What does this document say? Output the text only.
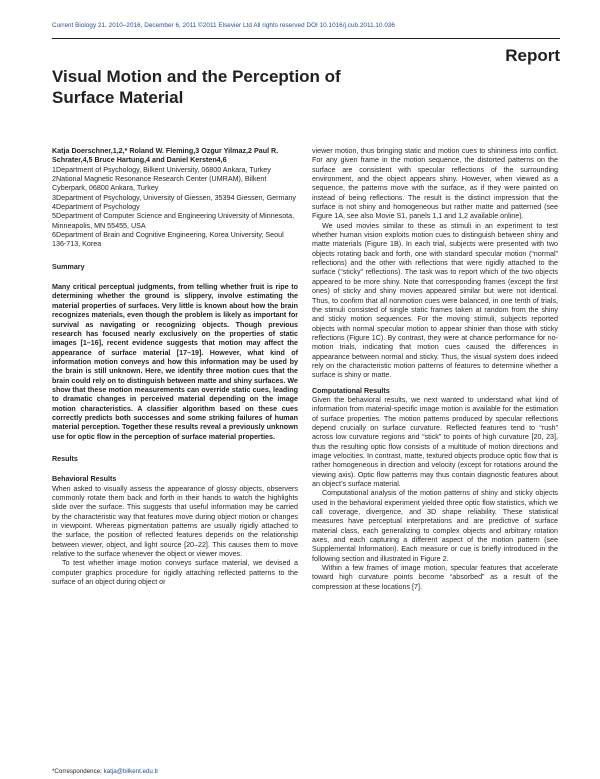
Current Biology 21, 2010–2016, December 6, 2011 ©2011 Elsevier Ltd All rights reserved DOI 10.1016/j.cub.2011.10.036
Report
Visual Motion and the Perception of Surface Material

Katja Doerschner,1,2,* Roland W. Fleming,3 Ozgur Yilmaz,2 Paul R. Schrater,4,5 Bruce Hartung,4 and Daniel Kersten4,6

1Department of Psychology, Bilkent University, 06800 Ankara, Turkey
2National Magnetic Resonance Research Center (UMRAM), Bilkent Cyberpark, 06800 Ankara, Turkey
3Department of Psychology, University of Giessen, 35394 Giessen, Germany
4Department of Psychology
5Department of Computer Science and Engineering University of Minnesota, Minneapolis, MN 55455, USA
6Department of Brain and Cognitive Engineering, Korea University, Seoul 136-713, Korea
Summary

Many critical perceptual judgments, from telling whether fruit is ripe to determining whether the ground is slippery, involve estimating the material properties of surfaces. Very little is known about how the brain recognizes materials, even though the problem is likely as important for survival as navigating or recognizing objects. Though previous research has focused nearly exclusively on the properties of static images [1–16], recent evidence suggests that motion may affect the appearance of surface material [17–19]. However, what kind of information motion conveys and how this information may be used by the brain is still unknown. Here, we identify three motion cues that the brain could rely on to distinguish between matte and shiny surfaces. We show that these motion measurements can override static cues, leading to dramatic changes in perceived material depending on the image motion characteristics. A classifier algorithm based on these cues correctly predicts both successes and some striking failures of human material perception. Together these results reveal a previously unknown use for optic flow in the perception of surface material properties.

Results
Behavioral Results

When asked to visually assess the appearance of glossy objects, observers commonly rotate them back and forth in their hands to watch the highlights slide over the surface. This suggests that useful information may be carried by the characteristic way that features move during object motion or changes in viewpoint. Whereas pigmentation patterns are usually rigidly attached to the surface, the position of reflected features depends on the relationship between viewer, object, and light source [20–22]. This causes them to move relative to the surface whenever the object or viewer moves.

To test whether image motion conveys surface material, we devised a computer graphics procedure for rigidly attaching reflected patterns to the surface of an object during object or

viewer motion, thus bringing static and motion cues to shininess into conflict. For any given frame in the motion sequence, the distorted patterns on the surface are consistent with specular reflections of the surrounding environment, and the object appears shiny. However, when viewed as a sequence, the patterns move with the surface, as if they were painted on instead of being reflections. The result is the distinct impression that the surface is not shiny and homogeneous but rather matte and patterned (see Figure 1A, see also Movie S1, panels 1,1 and 1,2 available online).

We used movies similar to these as stimuli in an experiment to test whether human vision exploits motion cues to distinguish between shiny and matte materials (Figure 1B). In each trial, subjects were presented with two objects rotating back and forth, one with standard specular motion (“normal” reflections) and the other with reflections that were rigidly attached to the surface (“sticky” reflections). The task was to report which of the two objects appeared to be more shiny. Note that corresponding frames (except the first ones) of sticky and shiny movies appeared similar but were not identical. Thus, to confirm that all nonmotion cues were balanced, in one tenth of trials, the stimuli consisted of single static frames taken at random from the shiny and sticky motion sequences. For the moving stimuli, subjects reported objects with normal specular motion to appear shinier than those with sticky reflections (Figure 1C). By contrast, they were at chance performance for no-motion trials, indicating that motion cues caused the differences in appearance between normal and sticky. Thus, the visual system does indeed rely on the characteristic motion patterns of features to determine whether a surface is shiny or matte.

Computational Results

Given the behavioral results, we next wanted to understand what kind of information from material-specific image motion is available for the estimation of surface properties. The motion patterns produced by specular reflections depend crucially on surface curvature. Reflected features tend to “rush” across low curvature regions and “stick” to points of high curvature [20, 23], thus the resulting optic flow consists of a multitude of motion directions and image velocities. In contrast, matte, textured objects produce optic flow that is rather homogeneous in direction and velocity (except for rotations around the viewing axis). Optic flow patterns may thus contain diagnostic features about an object’s surface material.

Computational analysis of the motion patterns of shiny and sticky objects used in the behavioral experiment yielded three optic flow statistics, which we call coverage, divergence, and 3D shape reliability. These statistical measures have perceptual interpretations and are predictive of surface material class, each generalizing to complex objects and arbitrary rotation axes, and each capturing a different aspect of the motion pattern (see Supplemental Information). Each measure or cue is briefly introduced in the following section and illustrated in Figure 2.

Within a few frames of image motion, specular features that accelerate toward high curvature points become “absorbed” as a result of the compression at these locations [7].

*Correspondence: katja@bilkent.edu.tr
